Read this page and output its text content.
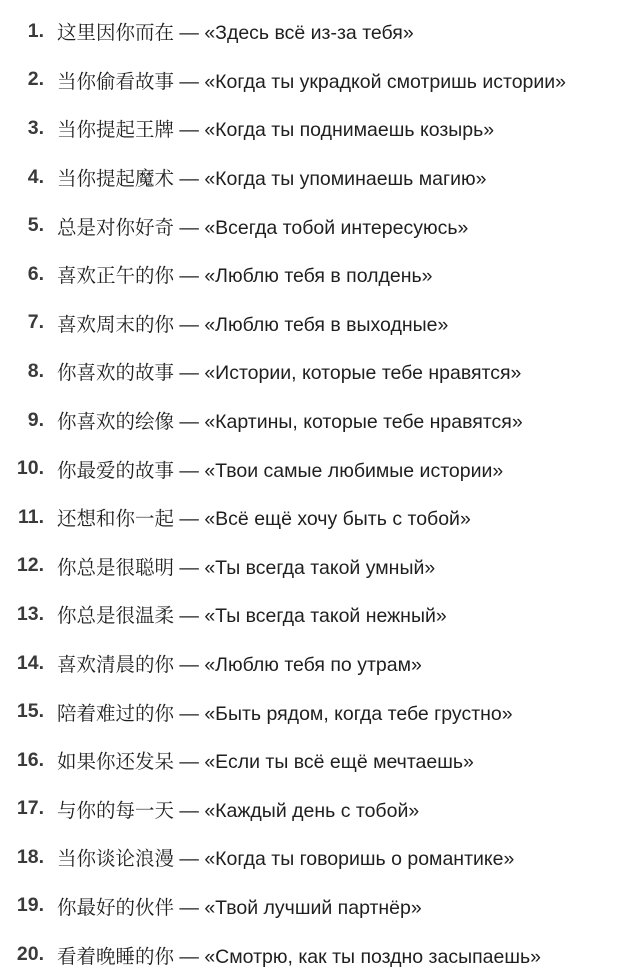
1. 这里因你而在 — «Здесь всё из-за тебя»
2. 当你偷看故事 — «Когда ты украдкой смотришь истории»
3. 当你提起王牌 — «Когда ты поднимаешь козырь»
4. 当你提起魔术 — «Когда ты упоминаешь магию»
5. 总是对你好奇 — «Всегда тобой интересуюсь»
6. 喜欢正午的你 — «Люблю тебя в полдень»
7. 喜欢周末的你 — «Люблю тебя в выходные»
8. 你喜欢的故事 — «Истории, которые тебе нравятся»
9. 你喜欢的绘像 — «Картины, которые тебе нравятся»
10. 你最爱的故事 — «Твои самые любимые истории»
11. 还想和你一起 — «Всё ещё хочу быть с тобой»
12. 你总是很聪明 — «Ты всегда такой умный»
13. 你总是很温柔 — «Ты всегда такой нежный»
14. 喜欢清晨的你 — «Люблю тебя по утрам»
15. 陪着难过的你 — «Быть рядом, когда тебе грустно»
16. 如果你还发呆 — «Если ты всё ещё мечтаешь»
17. 与你的每一天 — «Каждый день с тобой»
18. 当你谈论浪漫 — «Когда ты говоришь о романтике»
19. 你最好的伙伴 — «Твой лучший партнёр»
20. 看着晚睡的你 — «Смотрю, как ты поздно засыпаешь»
